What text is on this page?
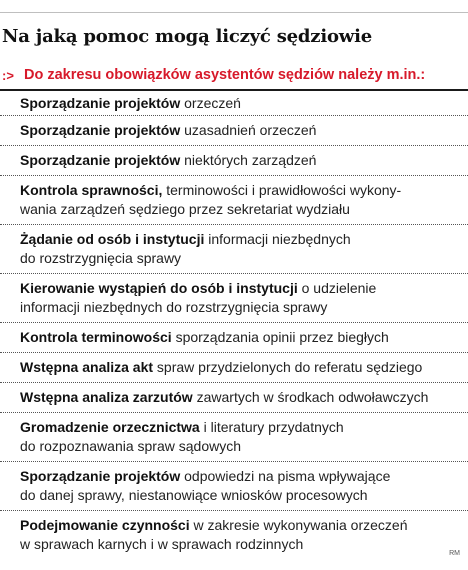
Na jaką pomoc mogą liczyć sędziowie
:> Do zakresu obowiązków asystentów sędziów należy m.in.:
Sporządzanie projektów orzeczeń
Sporządzanie projektów uzasadnień orzeczeń
Sporządzanie projektów niektórych zarządzeń
Kontrola sprawności, terminowości i prawidłowości wykony-
wania zarządzeń sędziego przez sekretariat wydziału
Żądanie od osób i instytucji informacji niezbędnych
do rozstrzygnięcia sprawy
Kierowanie wystąpień do osób i instytucji o udzielenie
informacji niezbędnych do rozstrzygnięcia sprawy
Kontrola terminowości sporządzania opinii przez biegłych
Wstępna analiza akt spraw przydzielonych do referatu sędziego
Wstępna analiza zarzutów zawartych w środkach odwoławczych
Gromadzenie orzecznictwa i literatury przydatnych
do rozpoznawania spraw sądowych
Sporządzanie projektów odpowiedzi na pisma wpływające
do danej sprawy, niestanowiące wniosków procesowych
Podejmowanie czynności w zakresie wykonywania orzeczeń
w sprawach karnych i w sprawach rodzinnych
RM
